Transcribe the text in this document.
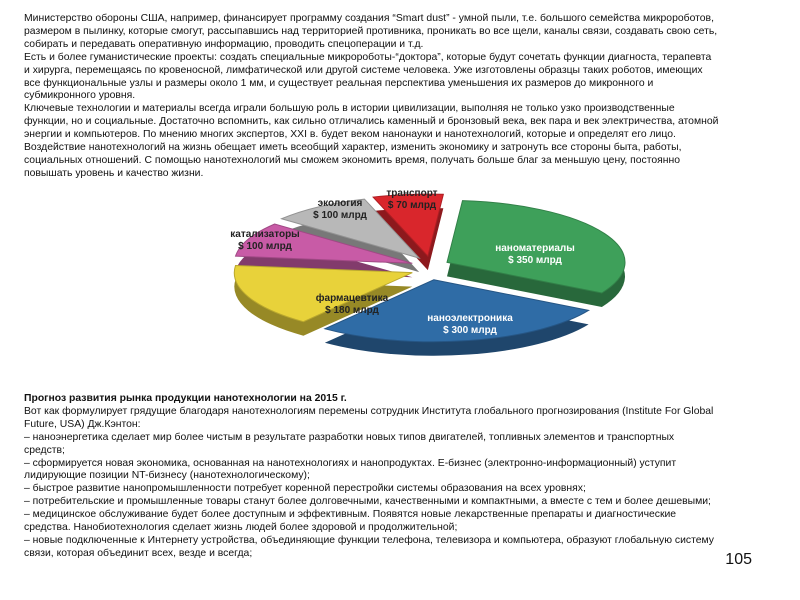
Министерство обороны США, например, финансирует программу создания “Smart dust” - умной пыли, т.е. большого семейства микророботов,
размером в пылинку, которые смогут, рассыпавшись над территорией противника, проникать во все щели, каналы связи, создавать свою сеть,
собирать и передавать оперативную информацию, проводить спецоперации и т.д.
Есть и более гуманистические проекты: создать специальные микророботы-“доктора”, которые будут сочетать функции диагноста, терапевта
и хирурга, перемещаясь по кровеносной, лимфатической или другой системе человека. Уже изготовлены образцы таких роботов, имеющих
все функциональные узлы и размеры около 1 мм, и существует реальная перспектива уменьшения их размеров до микронного и
субмикронного уровня.
Ключевые технологии и материалы всегда играли большую роль в истории цивилизации, выполняя не только узко производственные
функции, но и социальные. Достаточно вспомнить, как сильно отличались каменный и бронзовый века, век пара и век электричества, атомной
энергии и компьютеров. По мнению многих экспертов, XXI в. будет веком нанонауки и нанотехнологий, которые и определят его лицо.
Воздействие нанотехнологий на жизнь обещает иметь всеобщий характер, изменить экономику и затронуть все стороны быта, работы,
социальных отношений. С помощью нанотехнологий мы сможем экономить время, получать больше благ за меньшую цену, постоянно
повышать уровень и качество жизни.
наноматериалы
$ 350 млрд
наноэлектроника
$ 300 млрд
фармацевтика
$ 180 млрд
катализаторы
$ 100 млрд
экология
$ 100 млрд
транспорт
$ 70 млрд
Прогноз развития рынка продукции нанотехнологии на 2015 г.
Вот как формулирует грядущие благодаря нанотехнологиям перемены сотрудник Института глобального прогнозирования (Institute For Global
Future, USA) Дж.Кэнтон:
– наноэнергетика сделает мир более чистым в результате разработки новых типов двигателей, топливных элементов и транспортных
средств;
– сформируется новая экономика, основанная на нанотехнологиях и нанопродуктах. Е-бизнес (электронно-информационный) уступит
лидирующие позиции NT-бизнесу (нанотехнологическому);
– быстрое развитие нанопромышленности потребует коренной перестройки системы образования на всех уровнях;
– потребительские и промышленные товары станут более долговечными, качественными и компактными, а вместе с тем и более дешевыми;
– медицинское обслуживание будет более доступным и эффективным. Появятся новые лекарственные препараты и диагностические
средства. Нанобиотехнология сделает жизнь людей более здоровой и продолжительной;
– новые подключенные к Интернету устройства, объединяющие функции телефона, телевизора и компьютера, образуют глобальную систему
связи, которая объединит всех, везде и всегда;	105
